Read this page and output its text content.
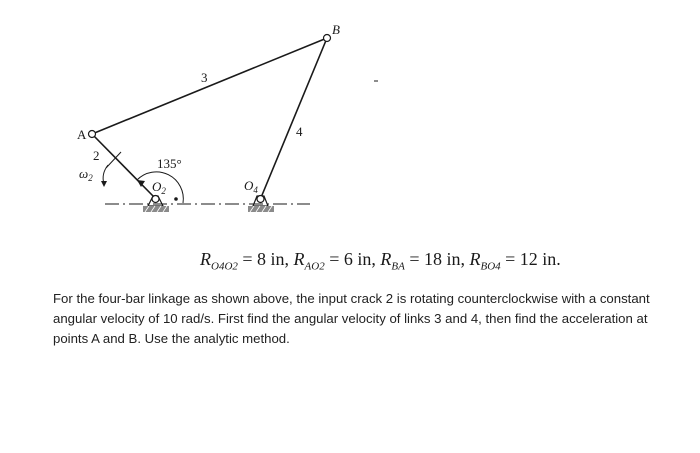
A
B
2
3
4
135°
$\omega_2$
$O_2$	$O_4$
$R_{O4O2} = 8$ in, $R_{AO2} = 6$ in, $R_{BA} = 18$ in, $R_{BO4} = 12$ in.

For the four-bar linkage as shown above, the input crack 2 is rotating counterclockwise with a constant angular velocity of 10 rad/s. First find the angular velocity of links 3 and 4, then find the acceleration at points A and B. Use the analytic method.
